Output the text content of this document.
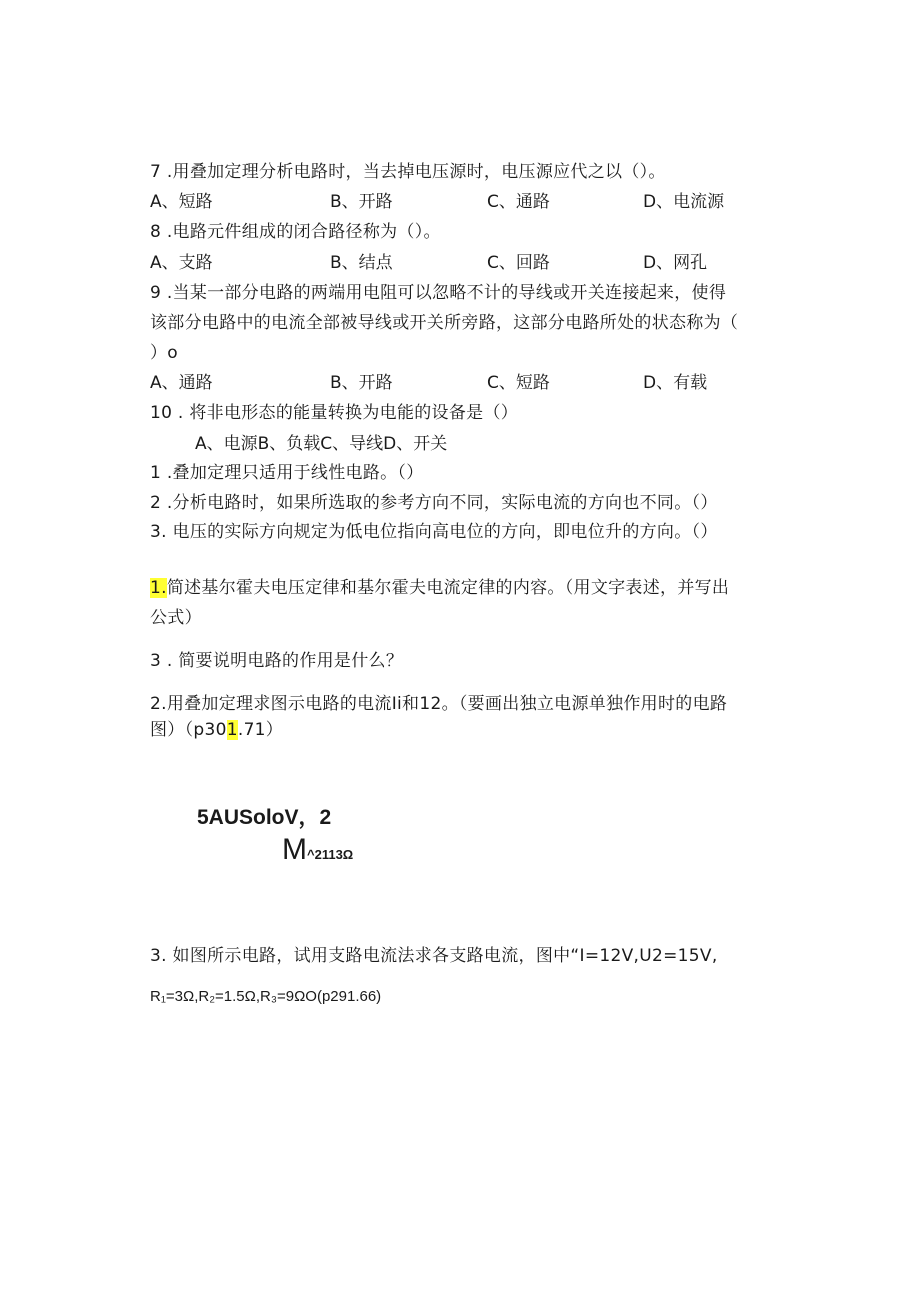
7 .用叠加定理分析电路时，当去掉电压源时，电压源应代之以（）。
A、短路	B、开路	C、通路	D、电流源
8 .电路元件组成的闭合路径称为（）。
A、支路	B、结点	C、回路	D、网孔
9 .当某一部分电路的两端用电阻可以忽略不计的导线或开关连接起来，使得
该部分电路中的电流全部被导线或开关所旁路，这部分电路所处的状态称为（
）o
A、通路	B、开路	C、短路	D、有载
10 . 将非电形态的能量转换为电能的设备是（）
A、电源B、负载C、导线D、开关
1 .叠加定理只适用于线性电路。（）
2 .分析电路时，如果所选取的参考方向不同，实际电流的方向也不同。（）
3. 电压的实际方向规定为低电位指向高电位的方向，即电位升的方向。（）
1.简述基尔霍夫电压定律和基尔霍夫电流定律的内容。（用文字表述，并写出
公式）
3 . 简要说明电路的作用是什么？
2.用叠加定理求图示电路的电流Ii和12。（要画出独立电源单独作用时的电路
图）（p301.71）
5AUSoloV，2
M^2113Ω
3. 如图所示电路，试用支路电流法求各支路电流，图中“I=12V,U2=15V,
R₁=3Ω,R₂=1.5Ω,R₃=9ΩO(p291.66)
